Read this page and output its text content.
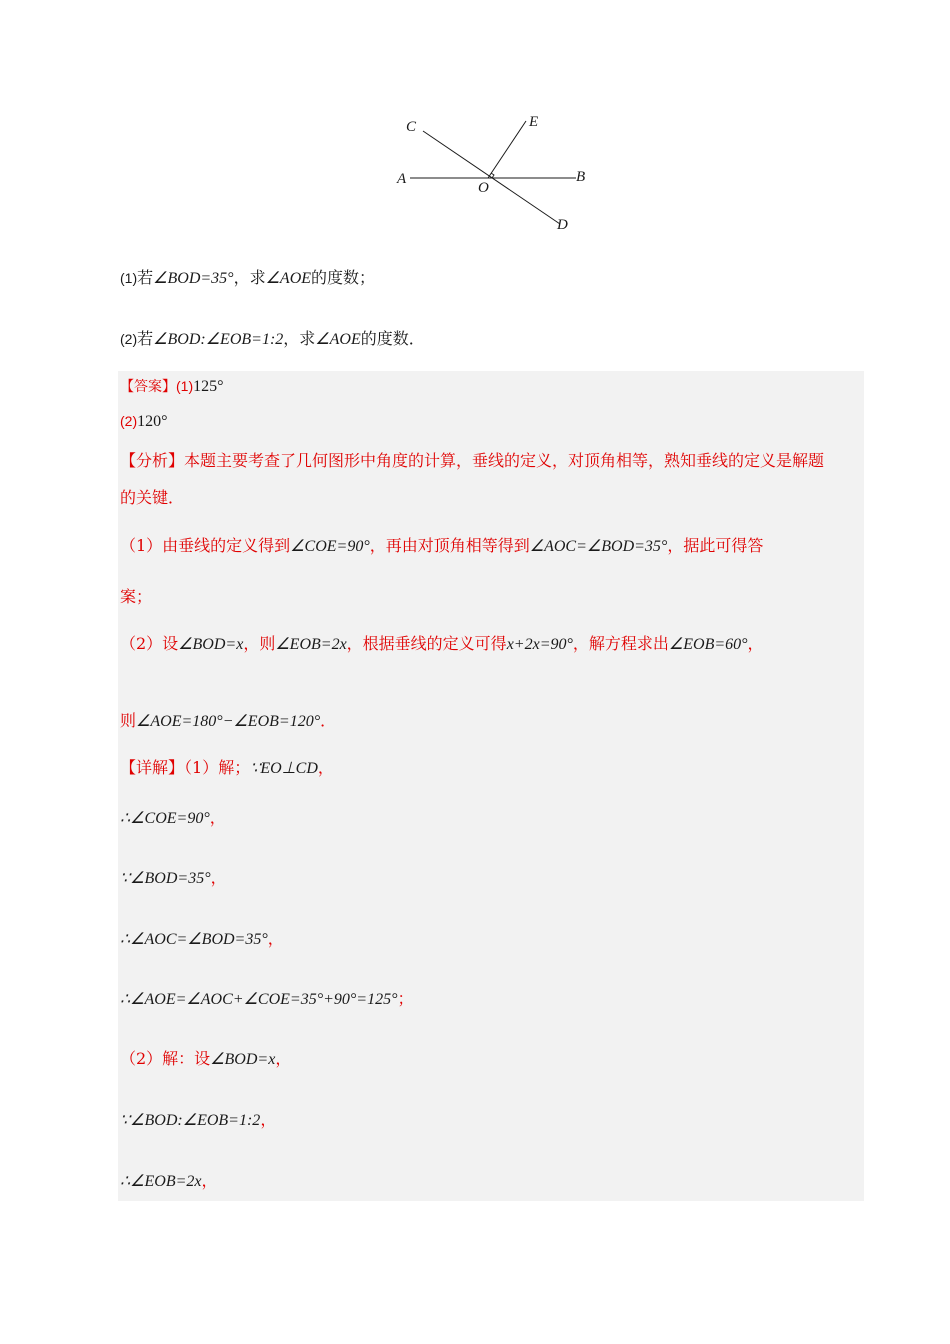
C	E
A
O
B
D
(1)若∠BOD=35°，求∠AOE的度数；
(2)若∠BOD:∠EOB=1:2，求∠AOE的度数．
【答案】(1)125°
(2)120°
【分析】本题主要考查了几何图形中角度的计算，垂线的定义，对顶角相等，熟知垂线的定义是解题
的关键．
（1）由垂线的定义得到∠COE=90°，再由对顶角相等得到∠AOC=∠BOD=35°，据此可得答
案；
（2）设∠BOD=x，则∠EOB=2x，根据垂线的定义可得x+2x=90°，解方程求出∠EOB=60°，
则∠AOE=180°−∠EOB=120°．
【详解】（1）解；∵EO⊥CD，
∴∠COE=90°，
∵∠BOD=35°，
∴∠AOC=∠BOD=35°，
∴∠AOE=∠AOC+∠COE=35°+90°=125°；
（2）解：设∠BOD=x，
∵∠BOD:∠EOB=1:2，
∴∠EOB=2x，
